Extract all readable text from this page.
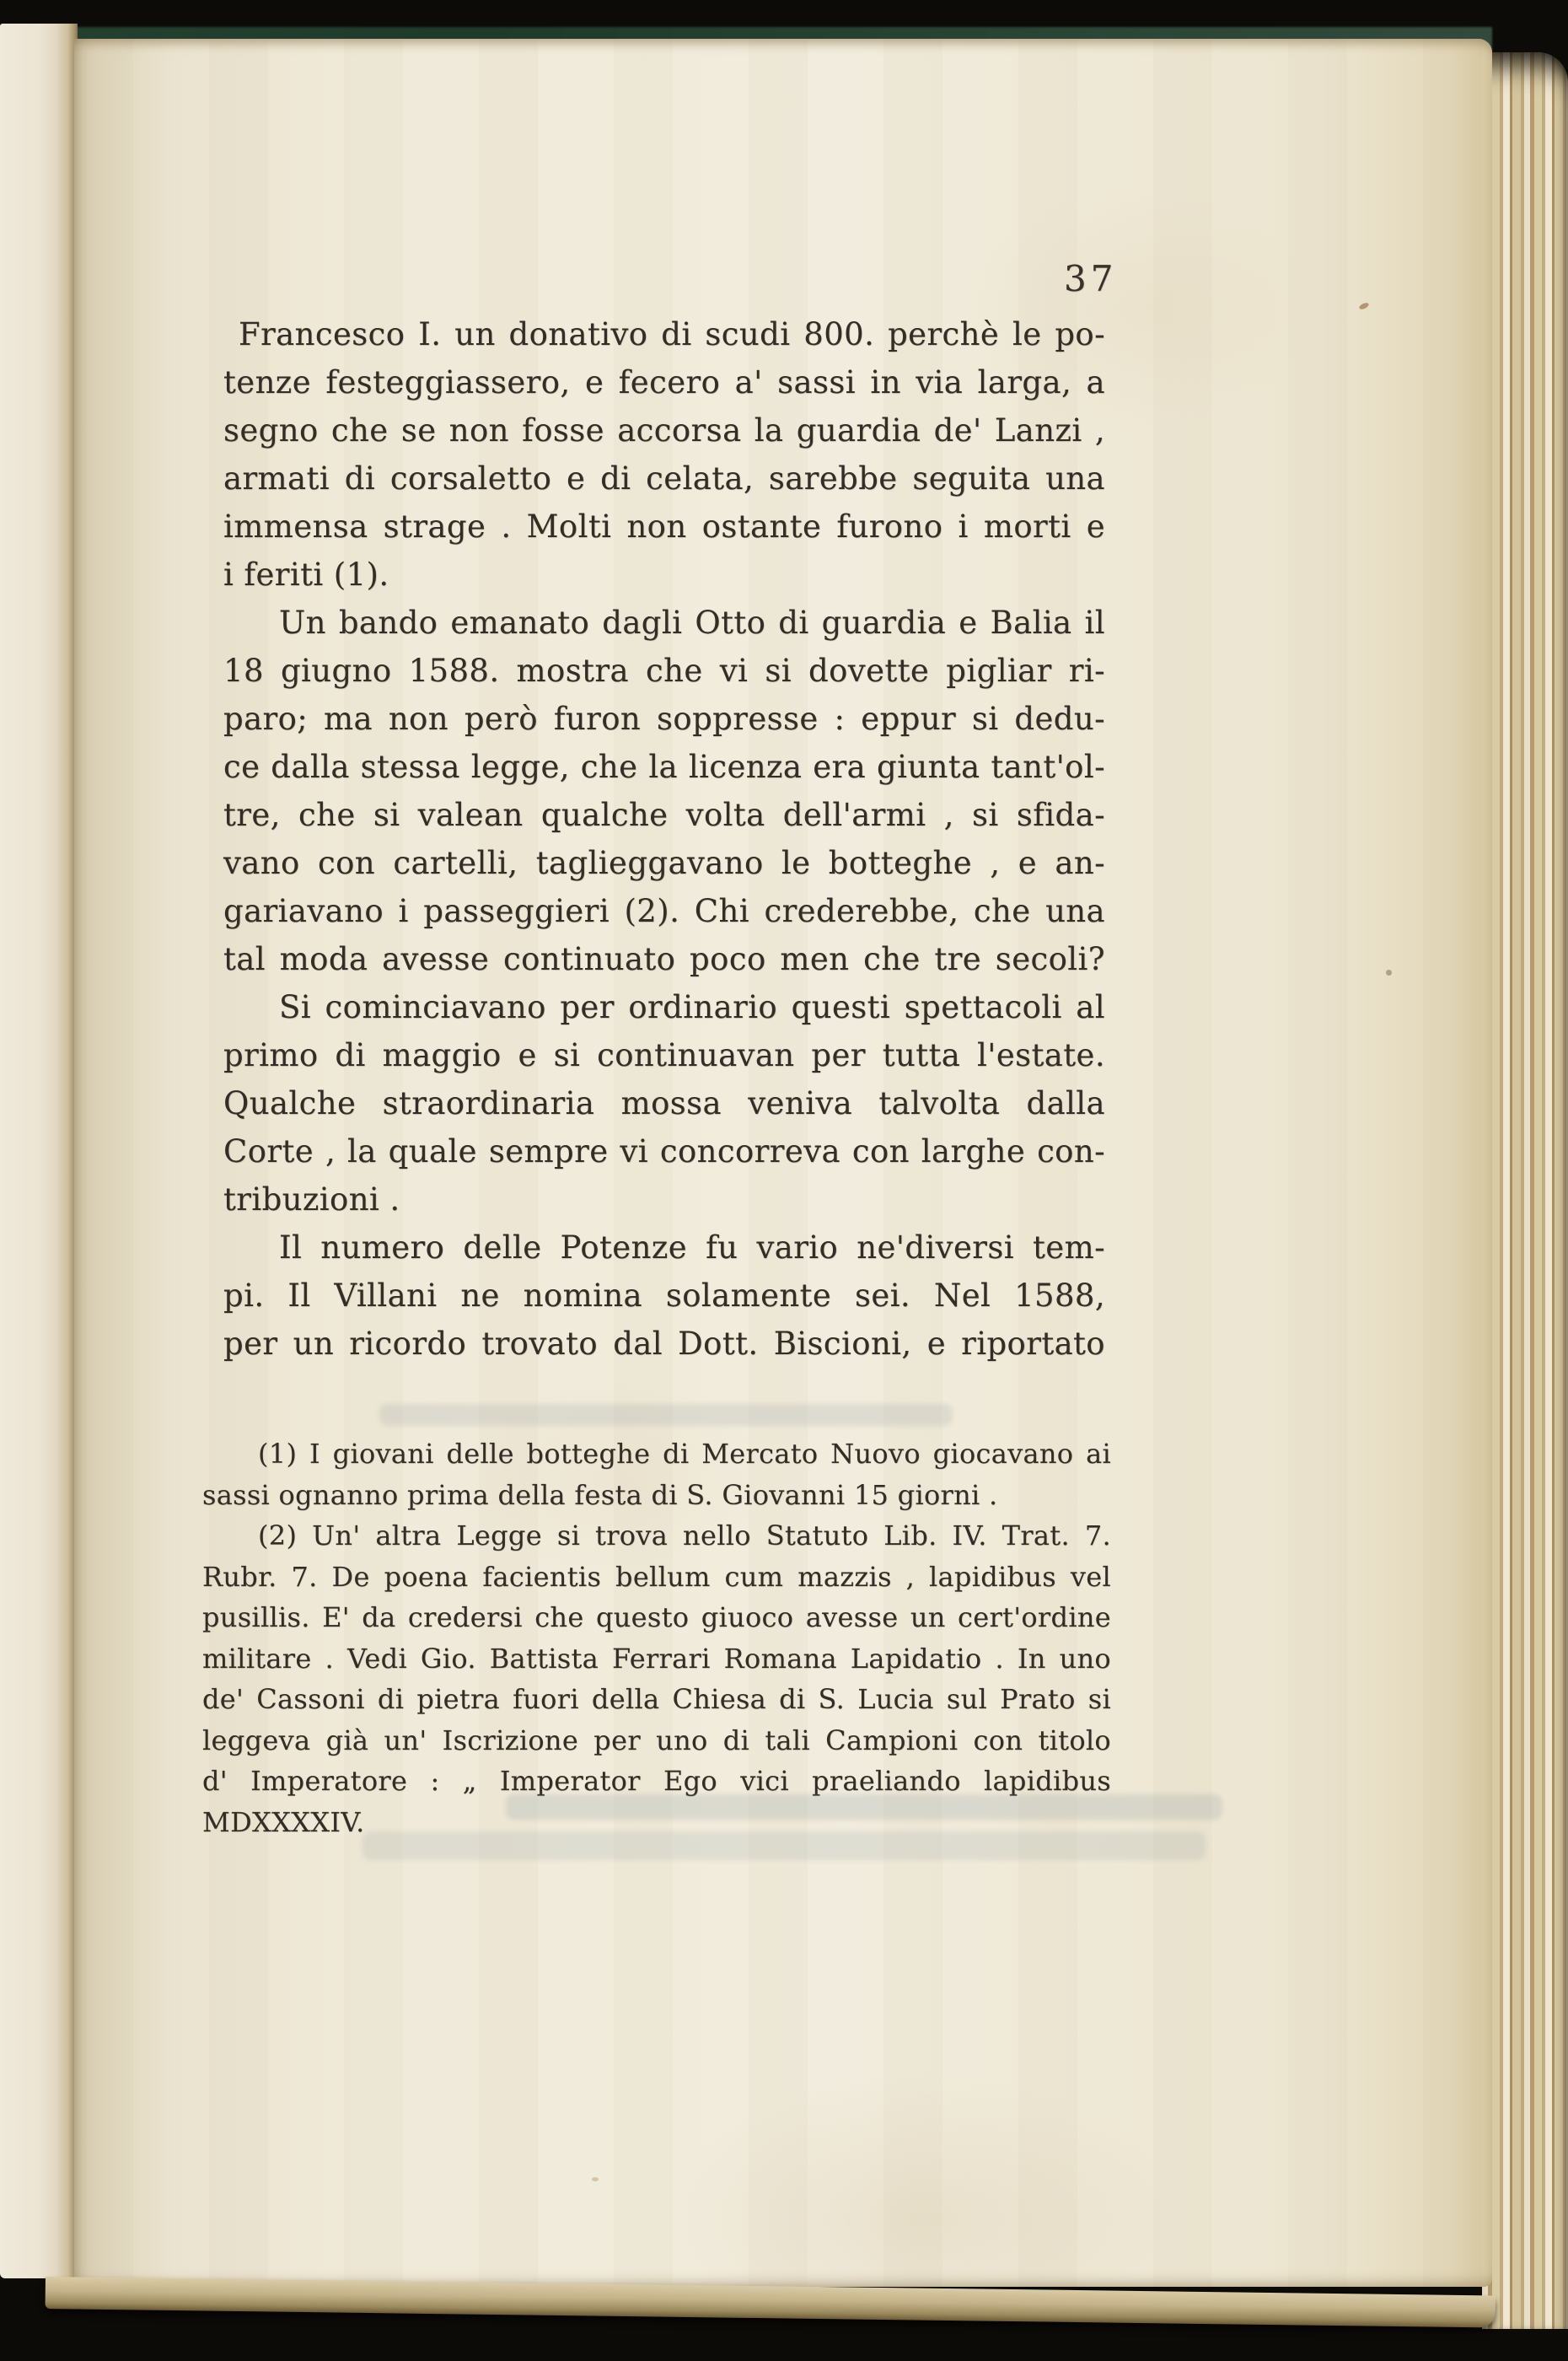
37
Francesco I. un donativo di scudi 800. perchè le po-
tenze festeggiassero, e fecero a' sassi in via larga, a
segno che se non fosse accorsa la guardia de' Lanzi ,
armati di corsaletto e di celata, sarebbe seguita una
immensa strage . Molti non ostante furono i morti e
i feriti (1).
Un bando emanato dagli Otto di guardia e Balia il
18 giugno 1588. mostra che vi si dovette pigliar ri-
paro; ma non però furon soppresse : eppur si dedu-
ce dalla stessa legge, che la licenza era giunta tant'ol-
tre, che si valean qualche volta dell'armi , si sfida-
vano con cartelli, taglieggavano le botteghe , e an-
gariavano i passeggieri (2). Chi crederebbe, che una
tal moda avesse continuato poco men che tre secoli?
Si cominciavano per ordinario questi spettacoli al
primo di maggio e si continuavan per tutta l'estate.
Qualche straordinaria mossa veniva talvolta dalla
Corte , la quale sempre vi concorreva con larghe con-
tribuzioni .
Il numero delle Potenze fu vario ne'diversi tem-
pi. Il Villani ne nomina solamente sei. Nel 1588,
per un ricordo trovato dal Dott. Biscioni, e riportato
(1) I giovani delle botteghe di Mercato Nuovo giocavano ai
sassi ognanno prima della festa di S. Giovanni 15 giorni .
(2) Un' altra Legge si trova nello Statuto Lib. IV. Trat. 7.
Rubr. 7. De poena facientis bellum cum mazzis , lapidibus vel
pusillis. E' da credersi che questo giuoco avesse un cert'ordine
militare . Vedi Gio. Battista Ferrari Romana Lapidatio . In uno
de' Cassoni di pietra fuori della Chiesa di S. Lucia sul Prato si
leggeva già un' Iscrizione per uno di tali Campioni con titolo
d' Imperatore : „ Imperator Ego vici praeliando lapidibus
MDXXXXIV.
